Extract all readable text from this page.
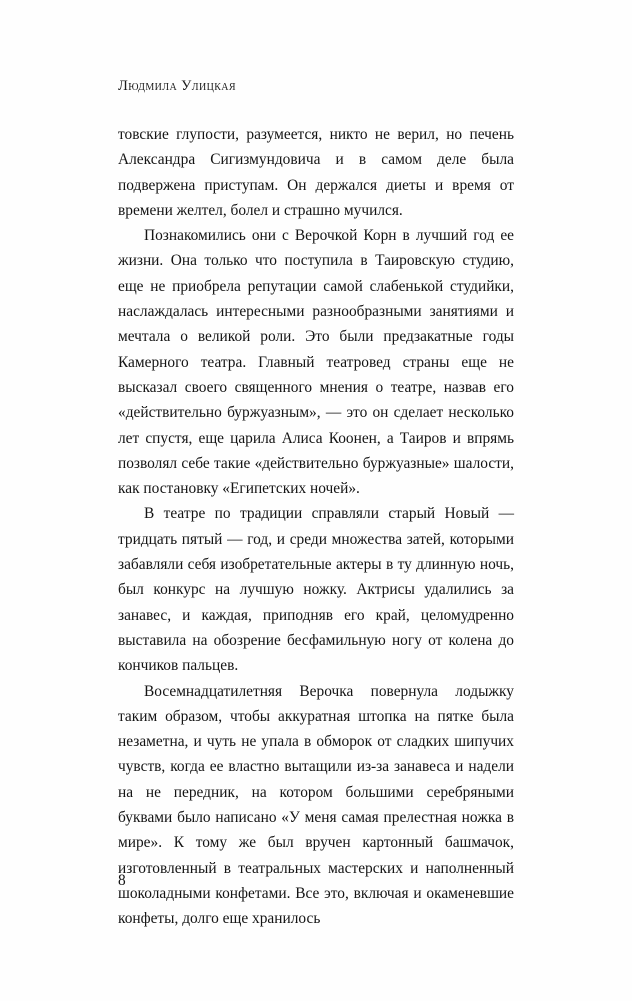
Людмила Улицкая

товские глупости, разумеется, никто не верил, но печень Александра Сигизмундовича и в самом деле была подвержена приступам. Он держался диеты и время от времени желтел, болел и страшно мучился.

Познакомились они с Верочкой Корн в лучший год ее жизни. Она только что поступила в Таировскую студию, еще не приобрела репутации самой слабенькой студийки, наслаждалась интересными разнообразными занятиями и мечтала о великой роли. Это были предзакатные годы Камерного театра. Главный театровед страны еще не высказал своего священного мнения о театре, назвав его «действительно буржуазным», — это он сделает несколько лет спустя, еще царила Алиса Коонен, а Таиров и впрямь позволял себе такие «действительно буржуазные» шалости, как постановку «Египетских ночей».

В театре по традиции справляли старый Новый — тридцать пятый — год, и среди множества затей, которыми забавляли себя изобретательные актеры в ту длинную ночь, был конкурс на лучшую ножку. Актрисы удалились за занавес, и каждая, приподняв его край, целомудренно выставила на обозрение бесфамильную ногу от колена до кончиков пальцев.

Восемнадцатилетняя Верочка повернула лодыжку таким образом, чтобы аккуратная штопка на пятке была незаметна, и чуть не упала в обморок от сладких шипучих чувств, когда ее властно вытащили из-за занавеса и надели на не передник, на котором большими серебряными буквами было написано «У меня самая прелестная ножка в мире». К тому же был вручен картонный башмачок, изготовленный в театральных мастерских и наполненный шоколадными конфетами. Все это, включая и окаменевшие конфеты, долго еще хранилось

8
